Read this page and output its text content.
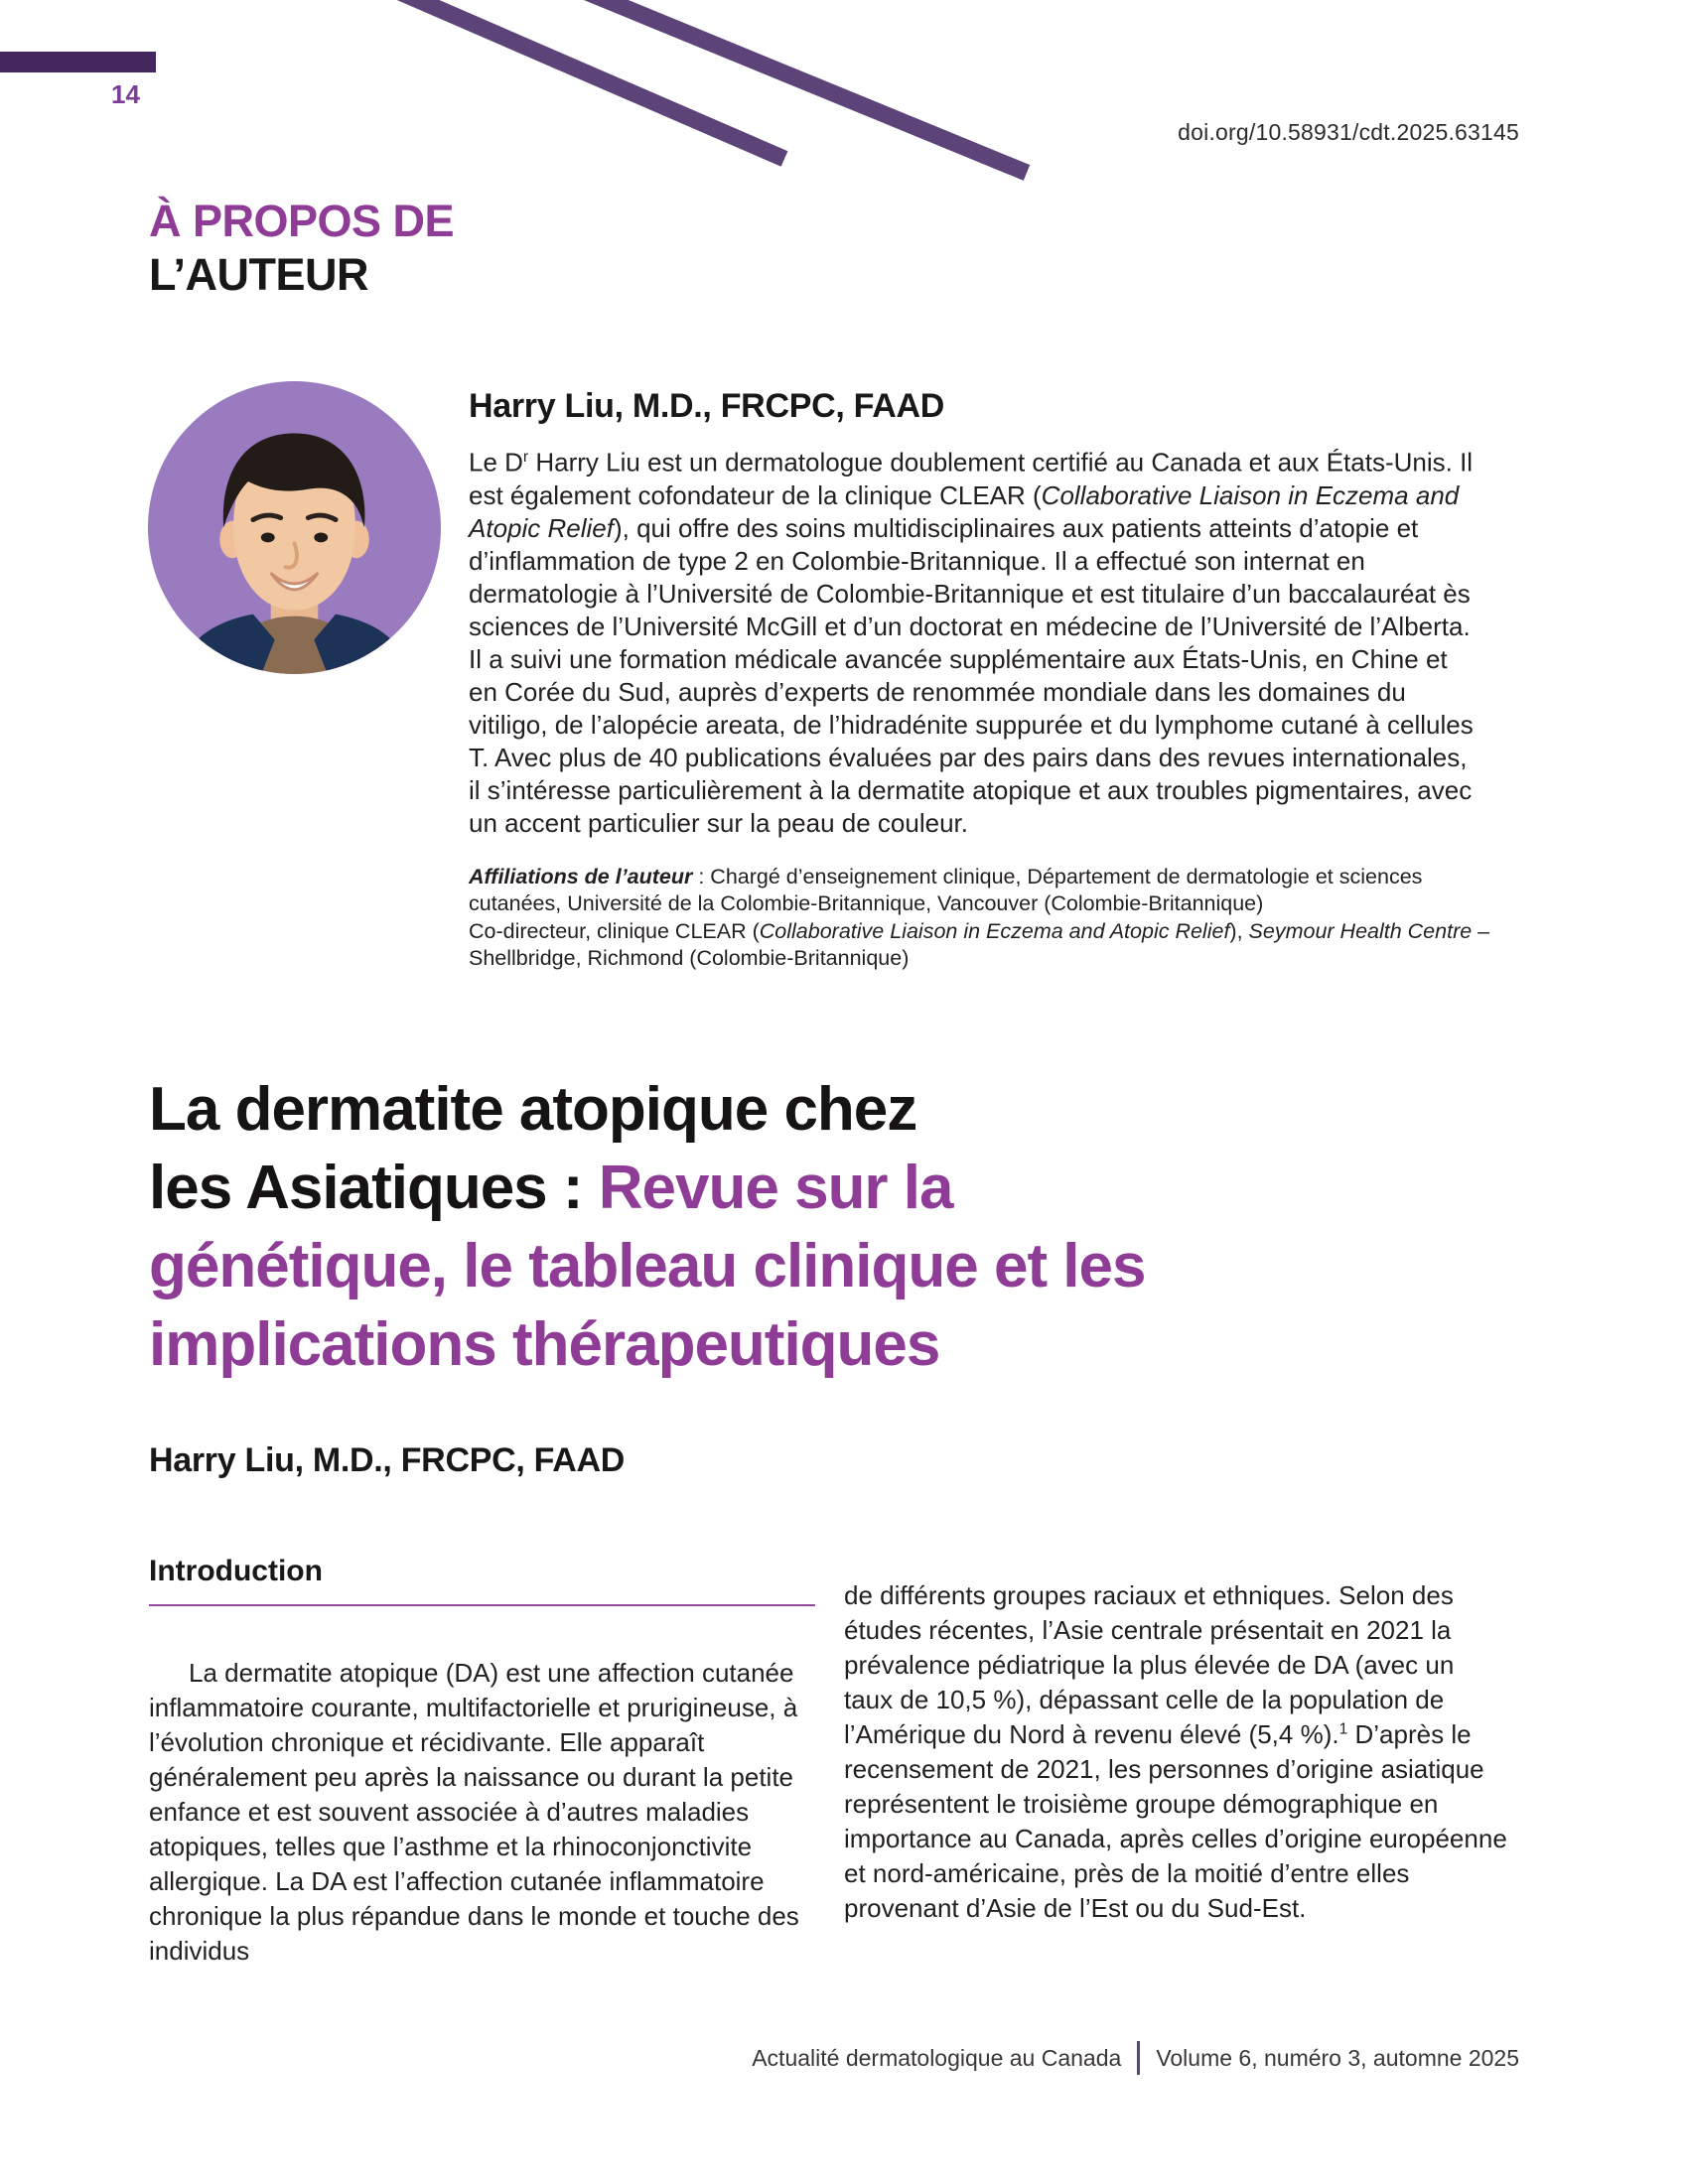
14
doi.org/10.58931/cdt.2025.63145
À PROPOS DE
L’AUTEUR
Harry Liu, M.D., FRCPC, FAAD

Le $D^r$ Harry Liu est un dermatologue doublement certifié au Canada et aux États-Unis. Il est également cofondateur de la clinique CLEAR (Collaborative Liaison in Eczema and Atopic Relief), qui offre des soins multidisciplinaires aux patients atteints d’atopie et d’inflammation de type 2 en Colombie-Britannique. Il a effectué son internat en dermatologie à l’Université de Colombie-Britannique et est titulaire d’un baccalauréat ès sciences de l’Université McGill et d’un doctorat en médecine de l’Université de l’Alberta. Il a suivi une formation médicale avancée supplémentaire aux États-Unis, en Chine et en Corée du Sud, auprès d’experts de renommée mondiale dans les domaines du vitiligo, de l’alopécie areata, de l’hidradénite suppurée et du lymphome cutané à cellules T. Avec plus de 40 publications évaluées par des pairs dans des revues internationales, il s’intéresse particulièrement à la dermatite atopique et aux troubles pigmentaires, avec un accent particulier sur la peau de couleur.

Affiliations de l’auteur : Chargé d’enseignement clinique, Département de dermatologie et sciences cutanées, Université de la Colombie-Britannique, Vancouver (Colombie-Britannique)
Co-directeur, clinique CLEAR (Collaborative Liaison in Eczema and Atopic Relief), Seymour Health Centre – Shellbridge, Richmond (Colombie-Britannique)
La dermatite atopique chez
les Asiatiques : Revue sur la
génétique, le tableau clinique et les
implications thérapeutiques
Harry Liu, M.D., FRCPC, FAAD
Introduction

La dermatite atopique (DA) est une affection cutanée inflammatoire courante, multifactorielle et prurigineuse, à l’évolution chronique et récidivante. Elle apparaît généralement peu après la naissance ou durant la petite enfance et est souvent associée à d’autres maladies atopiques, telles que l’asthme et la rhinoconjonctivite allergique. La DA est l’affection cutanée inflammatoire chronique la plus répandue dans le monde et touche des individus

de différents groupes raciaux et ethniques. Selon des études récentes, l’Asie centrale présentait en 2021 la prévalence pédiatrique la plus élevée de DA (avec un taux de 10,5 %), dépassant celle de la population de l’Amérique du Nord à revenu élevé (5,4 %).$^1$ D’après le recensement de 2021, les personnes d’origine asiatique représentent le troisième groupe démographique en importance au Canada, après celles d’origine européenne et nord-américaine, près de la moitié d’entre elles provenant d’Asie de l’Est ou du Sud-Est.

Actualité dermatologique au Canada Volume 6, numéro 3, automne 2025
